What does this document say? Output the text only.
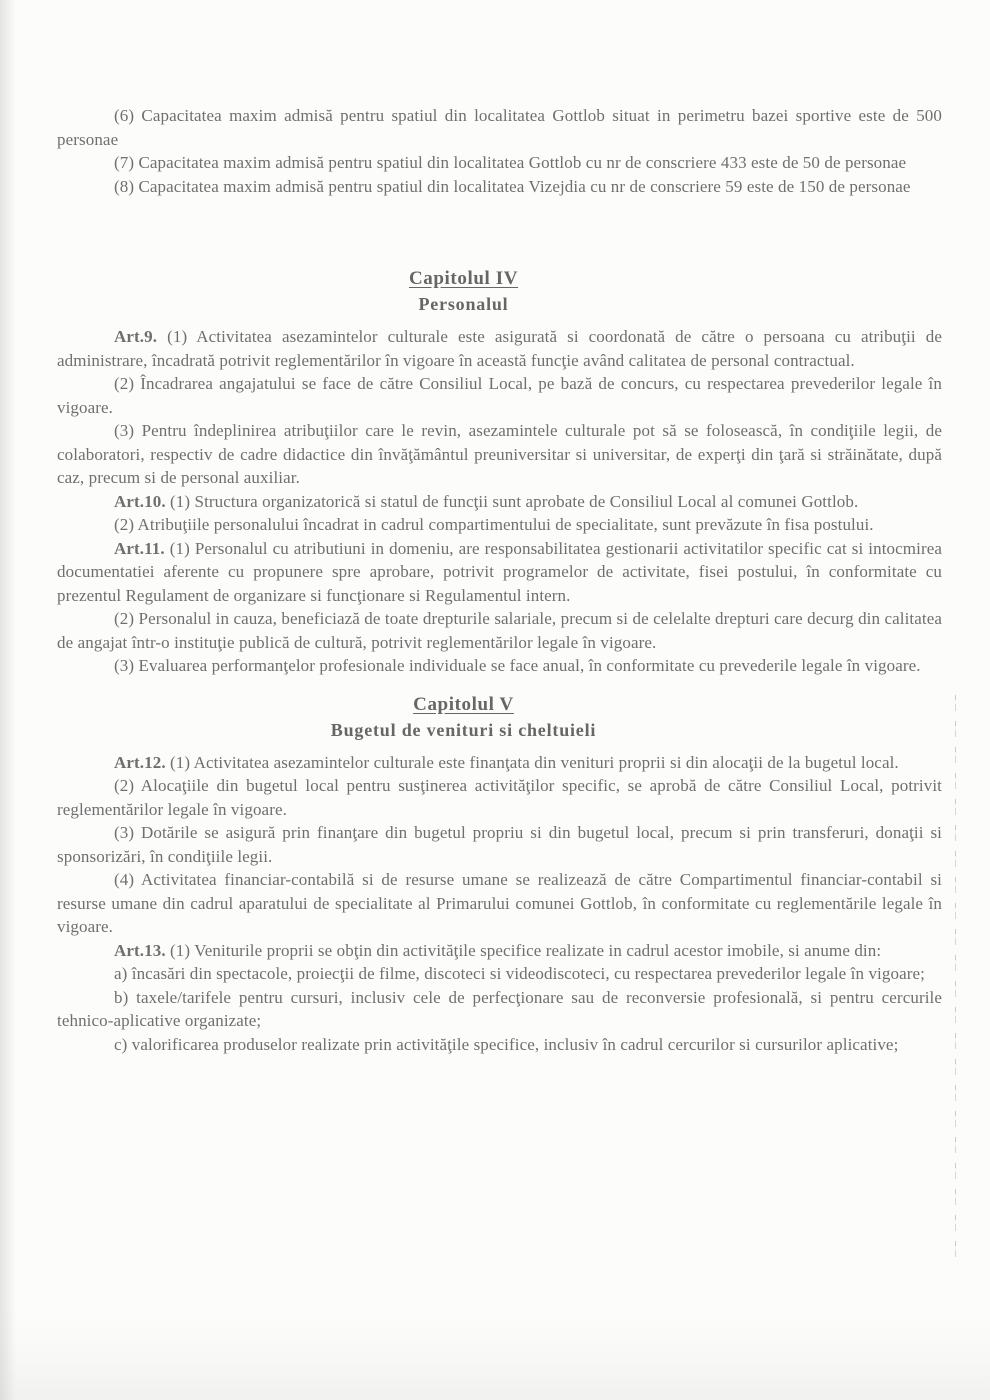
(6) Capacitatea maxim admisă pentru spatiul din localitatea Gottlob situat in perimetru bazei sportive este de 500 personae

(7) Capacitatea maxim admisă pentru spatiul din localitatea Gottlob cu nr de conscriere 433 este de 50 de personae

(8) Capacitatea maxim admisă pentru spatiul din localitatea Vizejdia cu nr de conscriere 59 este de 150 de personae

Capitolul IV
Personalul

Art.9. (1) Activitatea asezamintelor culturale este asigurată si coordonată de către o persoana cu atribuţii de administrare, încadrată potrivit reglementărilor în vigoare în această funcţie având calitatea de personal contractual.

(2) Încadrarea angajatului se face de către Consiliul Local, pe bază de concurs, cu respectarea prevederilor legale în vigoare.

(3) Pentru îndeplinirea atribuţiilor care le revin, asezamintele culturale pot să se folosească, în condiţiile legii, de colaboratori, respectiv de cadre didactice din învăţământul preuniversitar si universitar, de experţi din ţară si străinătate, după caz, precum si de personal auxiliar.

Art.10. (1) Structura organizatorică si statul de funcţii sunt aprobate de Consiliul Local al comunei Gottlob.

(2) Atribuţiile personalului încadrat in cadrul compartimentului de specialitate, sunt prevăzute în fisa postului.

Art.11. (1) Personalul cu atributiuni in domeniu, are responsabilitatea gestionarii activitatilor specific cat si intocmirea documentatiei aferente cu propunere spre aprobare, potrivit programelor de activitate, fisei postului, în conformitate cu prezentul Regulament de organizare si funcţionare si Regulamentul intern.

(2) Personalul in cauza, beneficiază de toate drepturile salariale, precum si de celelalte drepturi care decurg din calitatea de angajat într-o instituţie publică de cultură, potrivit reglementărilor legale în vigoare.

(3) Evaluarea performanţelor profesionale individuale se face anual, în conformitate cu prevederile legale în vigoare.

Capitolul V
Bugetul de venituri si cheltuieli

Art.12. (1) Activitatea asezamintelor culturale este finanţata din venituri proprii si din alocaţii de la bugetul local.

(2) Alocaţiile din bugetul local pentru susţinerea activităţilor specific, se aprobă de către Consiliul Local, potrivit reglementărilor legale în vigoare.

(3) Dotările se asigură prin finanţare din bugetul propriu si din bugetul local, precum si prin transferuri, donaţii si sponsorizări, în condiţiile legii.

(4) Activitatea financiar-contabilă si de resurse umane se realizează de către Compartimentul financiar-contabil si resurse umane din cadrul aparatului de specialitate al Primarului comunei Gottlob, în conformitate cu reglementările legale în vigoare.

Art.13. (1) Veniturile proprii se obţin din activităţile specifice realizate in cadrul acestor imobile, si anume din:

a) încasări din spectacole, proiecţii de filme, discoteci si videodiscoteci, cu respectarea prevederilor legale în vigoare;

b) taxele/tarifele pentru cursuri, inclusiv cele de perfecţionare sau de reconversie profesională, si pentru cercurile tehnico-aplicative organizate;

c) valorificarea produselor realizate prin activităţile specifice, inclusiv în cadrul cercurilor si cursurilor aplicative;
